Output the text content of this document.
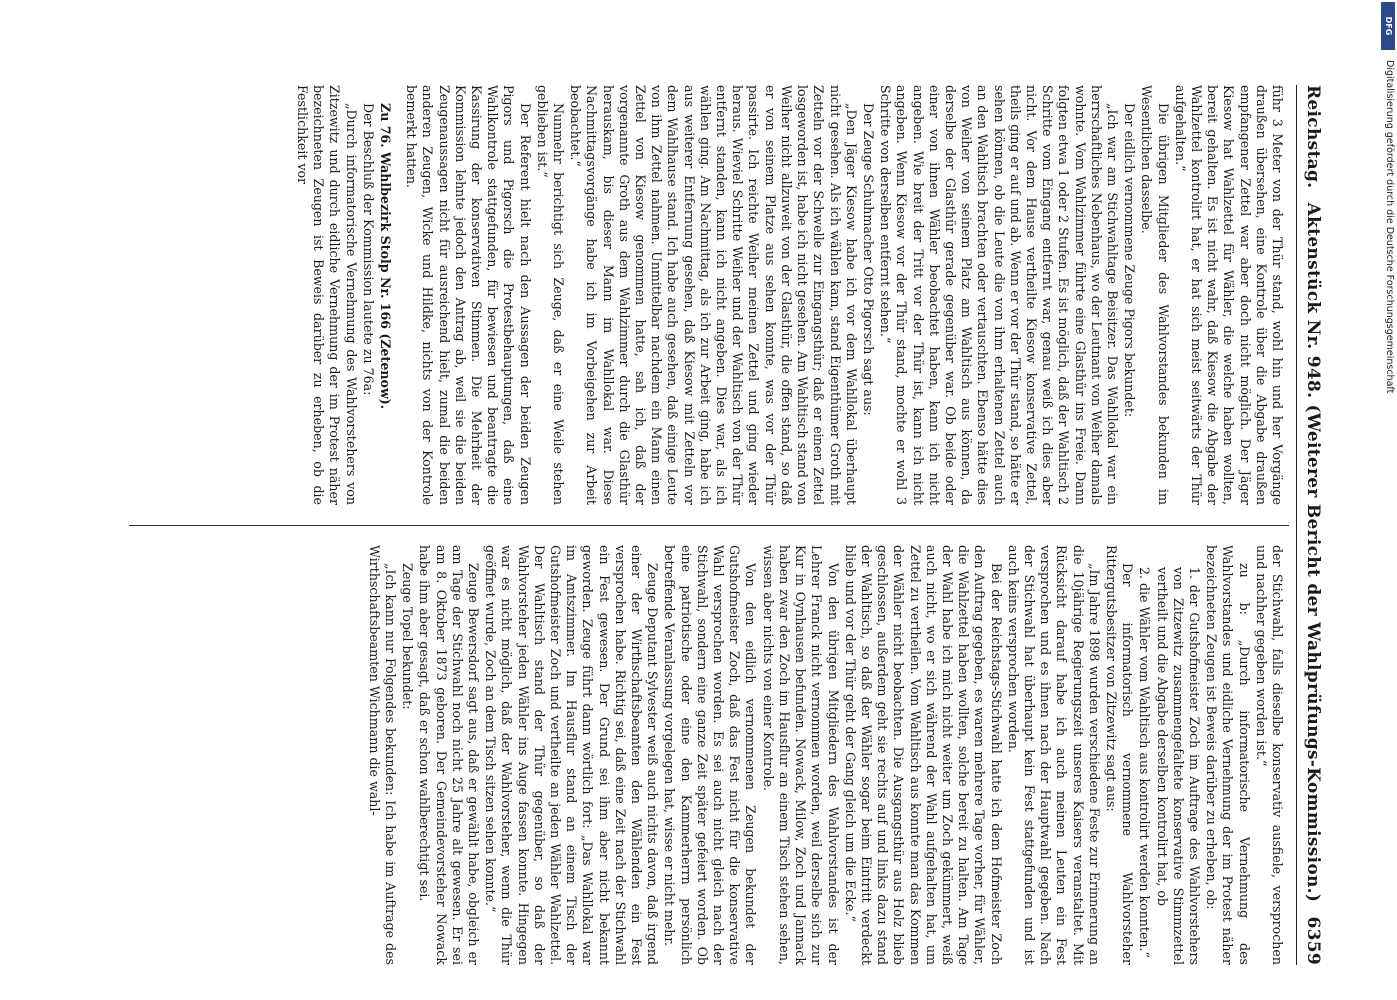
Reichstag.
Aktenstück Nr. 948. (Weiterer Bericht der Wahlprüfungs-Kommission.)
6359

führ 3 Meter von der Thür stand, wohl hin und her Vorgänge draußen übersehen, eine Kontrole über die Abgabe draußen empfangener Zettel war aber doch nicht möglich. Der Jäger Kiesow hat Wahlzettel für Wähler, die welche haben wollten, bereit gehalten. Es ist nicht wahr, daß Kiesow die Abgabe der Wahlzettel kontrolirt hat, er hat sich meist seitwärts der Thür aufgehalten.“

Die übrigen Mitglieder des Wahlvorstandes bekunden im Wesentlichen dasselbe.

Der eidlich vernommene Zeuge Pigors bekundet:

„Ich war am Stichwahltage Beisitzer. Das Wahllokal war ein herrschaftliches Nebenhaus, wo der Leutnant von Weiher damals wohnte. Vom Wahlzimmer führte eine Glasthür ins Freie. Dann folgten etwa 1 oder 2 Stufen. Es ist möglich, daß der Wahltisch 2 Schritte vom Eingang entfernt war, genau weiß ich dies aber nicht. Vor dem Hause vertheilte Kiesow konservative Zettel, theils ging er auf und ab. Wenn er vor der Thür stand, so hätte er sehen können, ob die Leute die von ihm erhaltenen Zettel auch an den Wahltisch brachten oder vertauschten. Ebenso hätte dies von Weiher von seinem Platz am Wahltisch aus können, da derselbe der Glasthür gerade gegenüber war. Ob beide oder einer von ihnen Wähler beobachtet haben, kann ich nicht angeben. Wie breit der Tritt vor der Thür ist, kann ich nicht angeben. Wenn Kiesow vor der Thür stand, mochte er wohl 3 Schritte von derselben entfernt stehen.“

Der Zeuge Schuhmacher Otto Pigorsch sagt aus:

„Den Jäger Kiesow habe ich vor dem Wahllokal überhaupt nicht gesehen. Als ich wählen kam, stand Eigenthümer Groth mit Zetteln vor der Schwelle zur Eingangsthür; daß er einen Zettel losgeworden ist, habe ich nicht gesehen. Am Wahltisch stand von Weiher nicht allzuweit von der Glasthür, die offen stand, so daß er von seinem Platze aus sehen konnte, was vor der Thür passirte. Ich reichte Weiher meinen Zettel und ging wieder heraus. Wieviel Schritte Weiher und der Wahltisch von der Thür entfernt standen, kann ich nicht angeben. Dies war, als ich wählen ging. Am Nachmittag, als ich zur Arbeit ging, habe ich aus weiterer Entfernung gesehen, daß Kiesow mit Zetteln vor dem Wahlhause stand. Ich habe auch gesehen, daß einige Leute von ihm Zettel nahmen. Unmittelbar nachdem ein Mann einen Zettel von Kiesow genommen hatte, sah ich, daß der vorgenannte Groth aus dem Wahlzimmer durch die Glasthür herauskam, bis dieser Mann im Wahllokal war. Diese Nachmittagsvorgänge habe ich im Vorbeigehen zur Arbeit beobachtet.“

Nunmehr berichtigt sich Zeuge, daß er eine Weile stehen geblieben ist.“

Der Referent hielt nach den Aussagen der beiden Zeugen Pigors und Pigorsch die Protestbehauptungen, daß eine Wahlkontrole stattgefunden, für bewiesen und beantragte die Kassirung der konservativen Stimmen. Die Mehrheit der Kommission lehnte jedoch den Antrag ab, weil sie die beiden Zeugenaussagen nicht für ausreichend hielt, zumal die beiden anderen Zeugen, Wicke und Hildke, nichts von der Kontrole bemerkt hatten.

Zu 76. Wahlbezirk Stolp Nr. 166 (Zetenow).

Der Beschluß der Kommission lautete zu 76a:

„Durch informatorische Vernehmung des Wahlvorstehers von Zitzewitz und durch eidliche Vernehmung der im Protest näher bezeichneten Zeugen ist Beweis darüber zu erheben, ob die Festlichkeit vor

der Stichwahl, falls dieselbe konservativ ausfiele, versprochen und nachher gegeben worden ist.“

zu b: „Durch informatorische Vernehmung des Wahlvorstandes und eidliche Vernehmung der im Protest näher bezeichneten Zeugen ist Beweis darüber zu erheben, ob:

1. der Gutshofmeister Zoch im Auftrage des Wahlvorstehers von Zitzewitz zusammengefaltete konservative Stimmzettel vertheilt und die Abgabe derselben kontrolirt hat, ob

2. die Wähler vom Wahltisch aus kontrolirt werden konnten.“

Der informatorisch vernommene Wahlvorsteher Rittergutsbesitzer von Zitzewitz sagt aus:

„Im Jahre 1898 wurden verschiedene Feste zur Erinnerung an die 10jährige Regierungszeit unseres Kaisers veranstaltet. Mit Rücksicht darauf habe ich auch meinen Leuten ein Fest versprochen und es ihnen nach der Hauptwahl gegeben. Nach der Stichwahl hat überhaupt kein Fest stattgefunden und ist auch keins versprochen worden.

Bei der Reichstags-Stichwahl hatte ich dem Hofmeister Zoch den Auftrag gegeben, es waren mehrere Tage vorher, für Wähler, die Wahlzettel haben wollten, solche bereit zu halten. Am Tage der Wahl habe ich mich nicht weiter um Zoch gekümmert, weiß auch nicht, wo er sich während der Wahl aufgehalten hat, um Zettel zu vertheilen. Vom Wahltisch aus konnte man das Kommen der Wähler nicht beobachten. Die Ausgangsthür aus Holz blieb geschlossen, außerdem geht sie rechts auf und links dazu stand der Wahltisch, so daß der Wähler sogar beim Eintritt verdeckt blieb und vor der Thür geht der Gang gleich um die Ecke.“

Von den übrigen Mitgliedern des Wahlvorstandes ist der Lehrer Franck nicht vernommen worden, weil derselbe sich zur Kur in Oynhausen befunden. Nowack, Milow, Zoch und Jannack haben zwar den Zoch im Hausflur an einem Tisch stehen sehen, wissen aber nichts von einer Kontrole.

Von den eidlich vernommenen Zeugen bekundet der Gutshofmeister Zoch, daß das Fest nicht für die konservative Wahl versprochen worden. Es sei auch nicht gleich nach der Stichwahl, sondern eine ganze Zeit später gefeiert worden. Ob eine patriotische oder eine den Kammerherrn persönlich betreffende Veranlassung vorgelegen hat, wisse er nicht mehr.

Zeuge Deputant Sylvester weiß auch nichts davon, daß irgend einer der Wirthschaftsbeamten den Wählenden ein Fest versprochen habe. Richtig sei, daß eine Zeit nach der Stichwahl ein Fest gewesen. Der Grund sei ihm aber nicht bekannt geworden. Zeuge führt dann wörtlich fort: „Das Wahllokal war im Amtszimmer. Im Hausflur stand an einem Tisch der Gutshofmeister Zoch und vertheilte an jeden Wähler Wahlzettel. Der Wahltisch stand der Thür gegenüber, so daß der Wahlvorsteher jeden Wähler ins Auge fassen konnte. Hingegen war es nicht möglich, daß der Wahlvorsteher, wenn die Thür geöffnet wurde, Zoch an dem Tisch sitzen sehen konnte.“

Zeuge Bewersdorf sagt aus, daß er gewählt habe, obgleich er am Tage der Stichwahl noch nicht 25 Jahre alt gewesen. Er sei am 8. Oktober 1873 geboren. Der Gemeindevorsteher Nowack habe ihm aber gesagt, daß er schon wahlberechtigt sei.

Zeuge Topel bekundet:

„Ich kann nur Folgendes bekunden: Ich habe im Auftrage des Wirthschaftsbeamten Wichmann die wahl-

DFG
Digitalisierung gefördert durch die Deutsche Forschungsgemeinschaft
